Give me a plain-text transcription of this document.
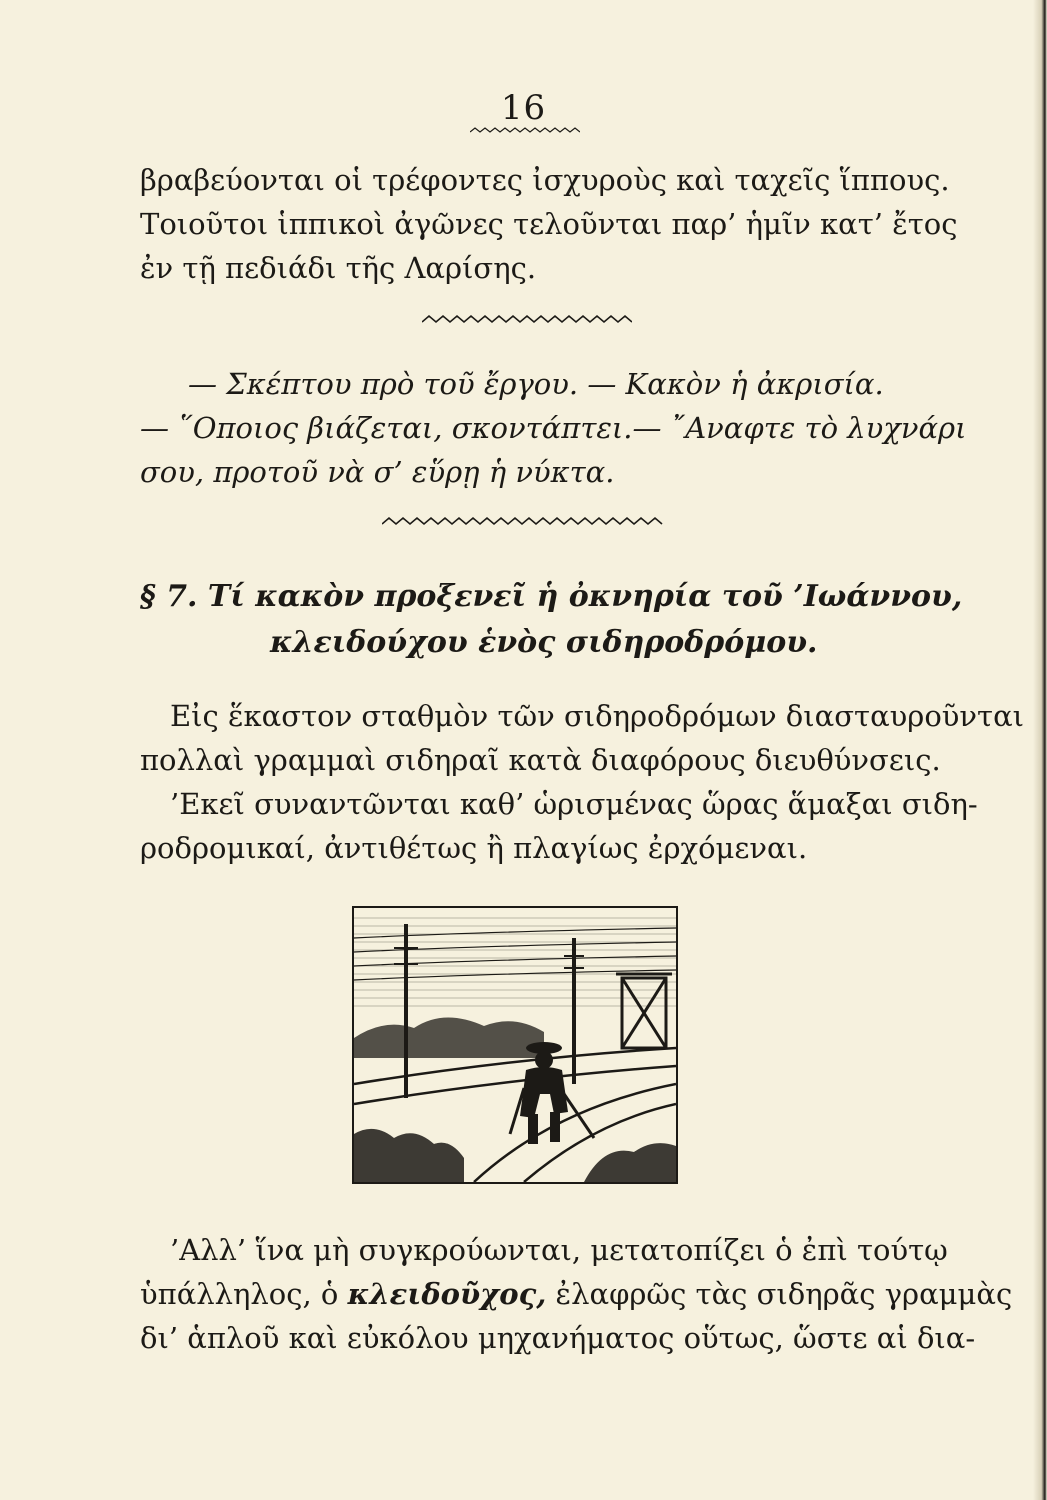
16
βραβεύονται οἱ τρέφοντες ἰσχυροὺς καὶ ταχεῖς ἵππους.
Τοιοῦτοι ἱππικοὶ ἀγῶνες τελοῦνται παρ’ ἡμῖν κατ’ ἔτος
ἐν τῇ πεδιάδι τῆς Λαρίσης.
— Σκέπτου πρὸ τοῦ ἔργου. — Κακὸν ἡ ἀκρισία.
— ῞Οποιος βιάζεται, σκοντάπτει.— ῎Αναφτε τὸ λυχνάρι
σου, προτοῦ νὰ σ’ εὕρῃ ἡ νύκτα.
§ 7. Τί κακὸν προξενεῖ ἡ ὀκνηρία τοῦ ’Ιωάννου,
κλειδούχου ἑνὸς σιδηροδρόμου.
Εἰς ἕκαστον σταθμὸν τῶν σιδηροδρόμων διασταυροῦνται
πολλαὶ γραμμαὶ σιδηραῖ κατὰ διαφόρους διευθύνσεις.
’Εκεῖ συναντῶνται καθ’ ὡρισμένας ὥρας ἅμαξαι σιδη-
ροδρομικαί, ἀντιθέτως ἢ πλαγίως ἐρχόμεναι.
’Αλλ’ ἵνα μὴ συγκρούωνται, μετατοπίζει ὁ ἐπὶ τούτῳ
ὑπάλληλος, ὁ κλειδοῦχος, ἐλαφρῶς τὰς σιδηρᾶς γραμμὰς
δι’ ἁπλοῦ καὶ εὐκόλου μηχανήματος οὕτως, ὥστε αἱ δια-
